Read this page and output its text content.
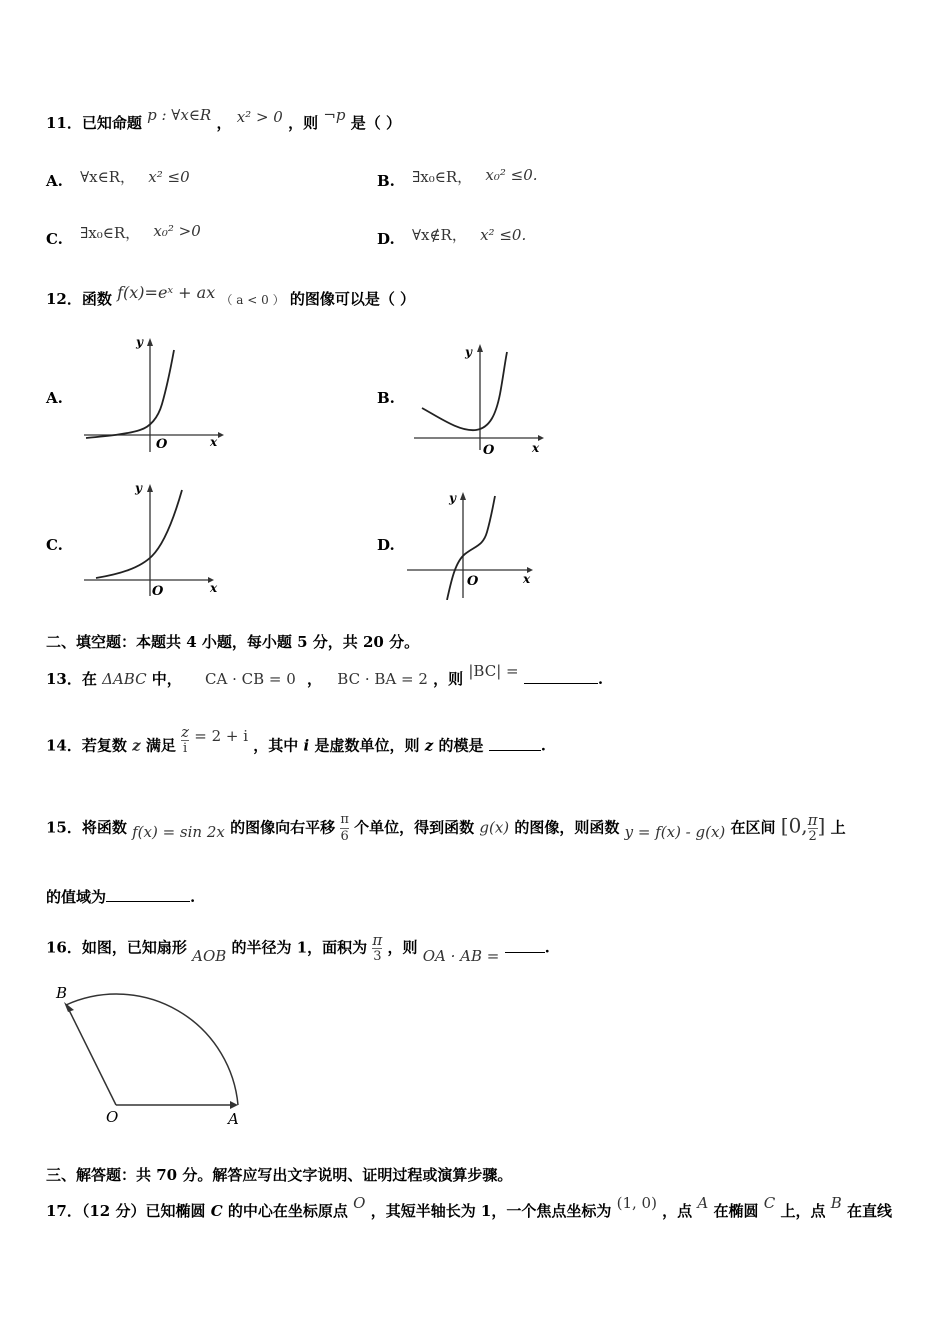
11．已知命题 p : ∀x∈R ， x² > 0 ，则 ¬p 是（ ）
A. ∀x∈R， x² ≤0	B. ∃x₀∈R， x₀² ≤0.
C. ∃x₀∈R， x₀² >0	D. ∀x∉R， x² ≤0.
12．函数 f(x)=eˣ + ax （ a < 0 ） 的图像可以是（ ）
A.	B.
C.	D.
y
x
O
y
x
O
y
x
O
y
x
O
二、填空题：本题共 4 小题，每小题 5 分，共 20 分。
13．在 ΔABC 中， CA · CB = 0 ， BC · BA = 2 ，则 |BC| =	.
14．若复数 z 满足 $\frac{z}{i} = 2 + i$ ，其中 i 是虚数单位，则 z 的模是	.
15．将函数 f(x) = sin 2x 的图像向右平移 $\frac{\pi}{6}$ 个单位，得到函数 g(x) 的图像，则函数 y = f(x) - g(x) 在区间 [0, $\frac{\pi}{2}$ ] 上
的值域为	.
16．如图，已知扇形 AOB 的半径为 1，面积为 $\frac{\pi}{3}$ ，则 OA · AB =	.
B
O	A
三、解答题：共 70 分。解答应写出文字说明、证明过程或演算步骤。
17．（12 分）已知椭圆 C 的中心在坐标原点 O ，其短半轴长为 1，一个焦点坐标为 (1, 0) ，点 A 在椭圆 C 上，点 B 在直线
